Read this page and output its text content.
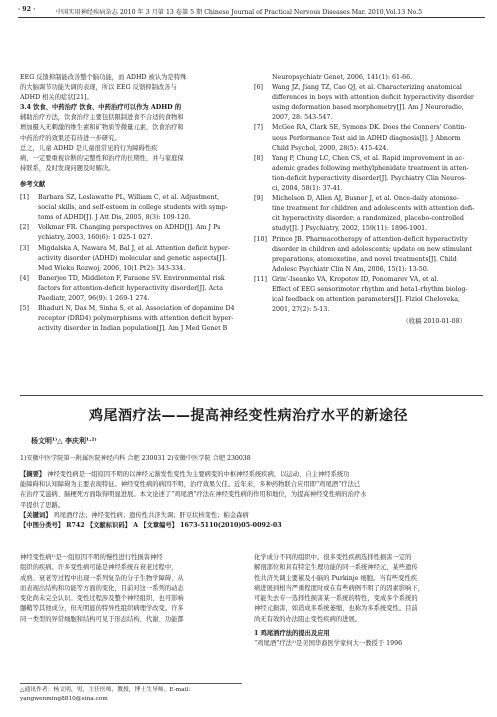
· 92 ·	中国实用神经疾病杂志 2010 年 3 月第 13 卷第 5 期 Chinese Journal of Practical Nervous Diseases Mar. 2010,Vol.13 No.5

EEG 反馈抑制能改善整个脑功能，而 ADHD 被认为是特殊

的大脑调节功能失调的表现，所以 EEG 反馈抑制改善与

ADHD 相关的症状[21]。

3.4 饮食、中药治疗 饮食、中药治疗可以作为 ADHD 的

辅助治疗方法，饮食治疗主要包括限制进食不合适的食物和

增加摄入无刺激的维生素和矿物质等微量元素，饮食治疗和

中药治疗的效果还有待进一步研究。

总之，儿童 ADHD 是儿童很常见的行为障碍性疾

病，一定要重视诊断的完整性和治疗的长期性，并与家庭保

持联系，及时发现问题及时解决。

参考文献

[1]	Barbara SZ, Leslawatte PL, William C, et al. Adjustment,

social skills, and self-esteem in college students with symp-

toms of ADHD[J]. J Att Dis, 2005, 8(3): 109-120.

[2]	Volkmar FR. Changing perspectives on ADHD[J]. Am J Ps

ychiatry, 2003, 160(6): 1 025-1 027.

[3]	Migdalska A, Nawara M, Bal J, et al. Attention deficit hyper-

activity disorder (ADHD) molecular and genetic aspects[J].

Med Wieku Rozwoj, 2006, 10(1 Pt2): 343-334.

[4]	Banerjee TD, Middleton F, Faraone SV. Environmental risk

factors for attention-deficit hyperactivity disorder[J]. Acta

Paediatr, 2007, 96(9): 1 269-1 274.

[5]	Bhaduri N, Das M, Sinha S, et al. Association of dopamine D4

receptor (DRD4) polymorphisms with attention deficit hyper-

activity disorder in Indian population[J]. Am J Med Genet B

Neuropsychiatr Genet, 2006, 141(1): 61-66.

[6]	Wang JZ, Jiang TZ, Cao QJ, et al. Characterizing anatomical

differences in boys with attention deficit hyperactivity disorder

using deformation based morphometry[J]. Am J Neuroradio,

2007, 28: 543-547.

[7]	McGee RA, Clark SE, Symons DK. Does the Conners' Contin-

uous Performance Test aid in ADHD diagnosis[J]. J Abnorm

Child Psychol, 2000, 28(5): 415-424.

[8]	Yang P, Chung LC, Chen CS, et al. Rapid improvement in ac-

ademic grades following methylphenidate treatment in atten-

tion-deficit hyperactivity disorder[J]. Psychiatry Clin Neuros-

ci, 2004, 58(1): 37-41.

[9]	Michelson D, Allen AJ, Busner J, et al. Once-daily atomoxe-

tine treatment for children and adolescents with attention defi-

cit hyperactivity disorder: a randomized, placebo-controlled

study[J]. J Psychiatry, 2002, 159(11): 1896-1901.

[10] Prince JB. Pharmacotherapy of attention-deficit hyperactivity

disorder in children and adolescents; update on new stimulant

preparations, atomoxetine, and novel treatments[J]. Child

Adolesc Psychiatr Clin N Am, 2006, 15(1): 13-50.

[11] Grin'-Iseanko VA, Kropotov ID, Ponomarev VA, et al.

Effect of EEG sensorimotor rhythm and beta1-rhythm biolog-

ical feedback on attention parameters[J]. Fiziol Cheloveka,

2001, 27(2): 5-13.

（收稿 2010-01-08）

鸡尾酒疗法——提高神经变性病治疗水平的新途径
杨文明¹⁾△ 李庆利¹·²⁾
1)安徽中医学院第一附属医院神经内科 合肥 230031 2)安徽中医学院 合肥 230038

【摘要】 神经变性病是一组原因不明的以神经元渐发性变性为主要病变的中枢神经系统疾病，以运动、自主神经系统功

能障碍和认知障碍为主要表现特征。神经变性病的病因不明，治疗效果欠佳。近年来，多种药物联合应用即“鸡尾酒”疗法已

在治疗艾滋病、脑梗死方面取得明显进展。本文论述了“鸡尾酒”疗法在神经变性病的作用和地位，为提高神经变性病的治疗水

平提供了思路。

【关键词】 鸡尾酒疗法；神经变性病；遗传性共济失调；肝豆状核变性；帕金森病

【中图分类号】 R742 【文献标识码】 A 【文章编号】 1673-5110(2010)05-0092-03

神经变性病¹⁾是一组原因不明的慢性进行性损害神经

组织的疾病。许多变性病可能是神经系统在衰老过程中，

成熟、衰老等过程中出现一系列复杂的分子生物学障碍，从

而表现出结构和功能等方面的变化，目前对这一系列的动态

变化尚未完全认识。变性过程涉及整个神经组织，也可影响

髓鞘等其他成分，但无明显的特异性组织病理学改变。许多

同一类型的异常细胞和结构可见于形态结构、代谢、功能都

化学成分不同的组织中。很多变性疾病选择性损害一定的

解剖部位和具有特定生理功能的同一系统神经元，某些遗传

性共济失调主要累及小脑的 Purkinje 细胞。当有些变性疾

病进展到相当严重程度时或在有些病例不明了的因素影响下，

可能失去专一选择性损害某一系统的特性，变成多个系统的

神经元损害，如造成多系统萎缩，也称为多系统变性。目前

尚无有效的办法阻止变性疾病的进展。

1 鸡尾酒疗法的提出及应用

“鸡尾酒”疗法¹⁾是美国华裔医学家何大一教授于 1996

△通讯作者：杨文明，男，主任医师，教授，博士生导师。E-mail：

yangwenming8810@sina.com
